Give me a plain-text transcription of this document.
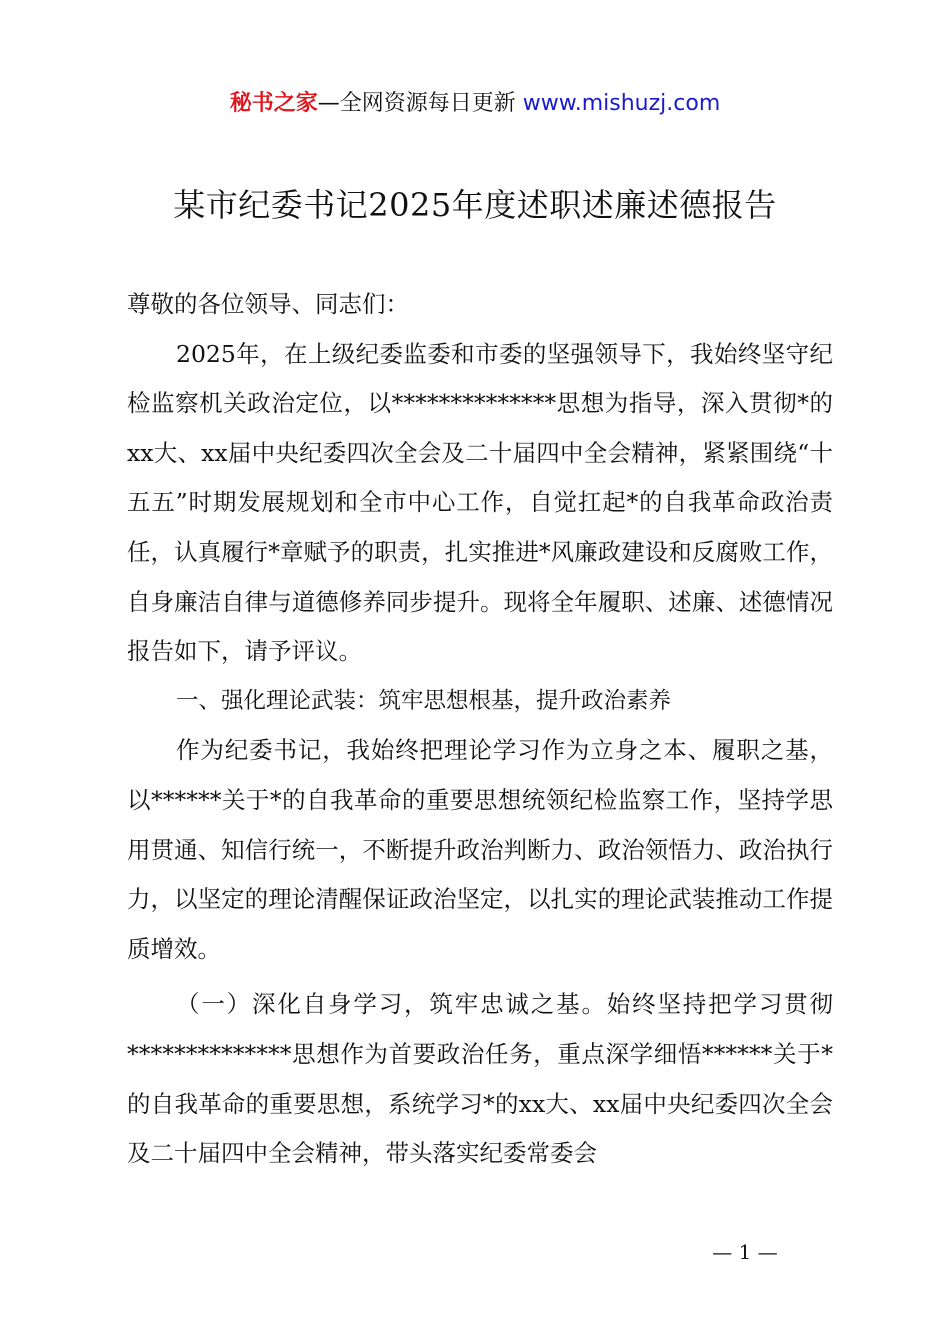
秘书之家—全网资源每日更新 www.mishuzj.com
某市纪委书记2025年度述职述廉述德报告

尊敬的各位领导、同志们：

2025年，在上级纪委监委和市委的坚强领导下，我始终坚守纪检监察机关政治定位，以**************思想为指导，深入贯彻*的xx大、xx届中央纪委四次全会及二十届四中全会精神，紧紧围绕“十五五”时期发展规划和全市中心工作，自觉扛起*的自我革命政治责任，认真履行*章赋予的职责，扎实推进*风廉政建设和反腐败工作，自身廉洁自律与道德修养同步提升。现将全年履职、述廉、述德情况报告如下，请予评议。

一、强化理论武装：筑牢思想根基，提升政治素养

作为纪委书记，我始终把理论学习作为立身之本、履职之基，以******关于*的自我革命的重要思想统领纪检监察工作，坚持学思用贯通、知信行统一，不断提升政治判断力、政治领悟力、政治执行力，以坚定的理论清醒保证政治坚定，以扎实的理论武装推动工作提质增效。

（一）深化自身学习，筑牢忠诚之基。始终坚持把学习贯彻**************思想作为首要政治任务，重点深学细悟******关于*的自我革命的重要思想，系统学习*的xx大、xx届中央纪委四次全会及二十届四中全会精神，带头落实纪委常委会

— 1 —
